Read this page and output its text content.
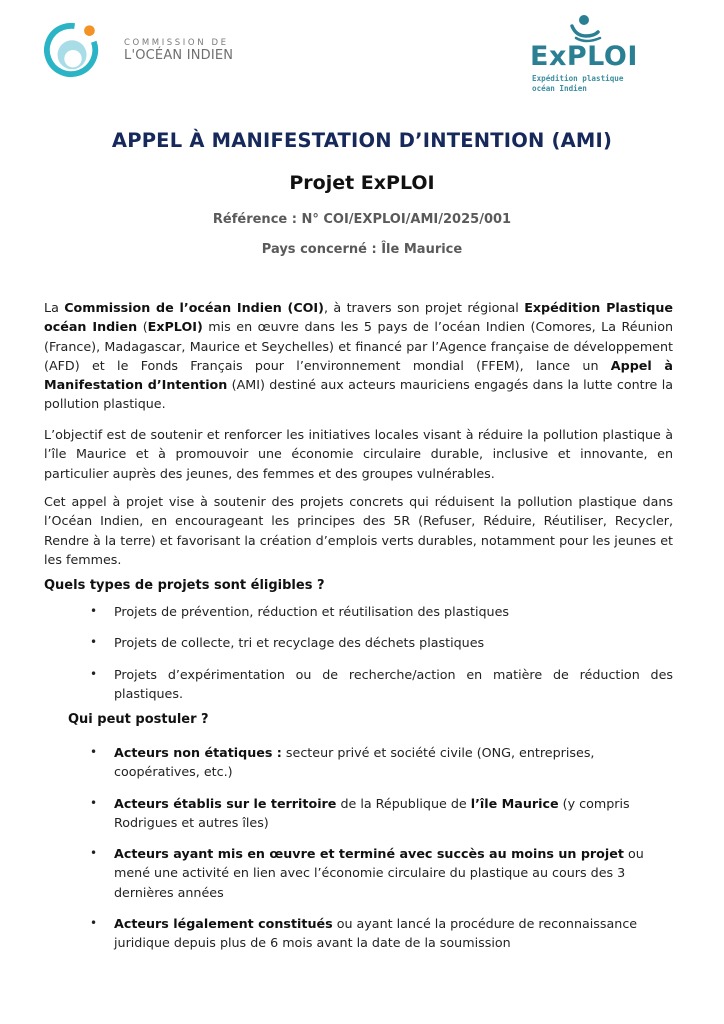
COMMISSION DE
L'OCÉAN INDIEN	ExPLOI
Expédition plastique
océan Indien
APPEL À MANIFESTATION D’INTENTION (AMI)
Projet ExPLOI
Référence : N° COI/EXPLOI/AMI/2025/001
Pays concerné : Île Maurice
La Commission de l’océan Indien (COI), à travers son projet régional Expédition Plastique océan Indien (ExPLOI) mis en œuvre dans les 5 pays de l’océan Indien (Comores, La Réunion (France), Madagascar, Maurice et Seychelles) et financé par l’Agence française de développement (AFD) et le Fonds Français pour l’environnement mondial (FFEM), lance un Appel à Manifestation d’Intention (AMI) destiné aux acteurs mauriciens engagés dans la lutte contre la pollution plastique.
L’objectif est de soutenir et renforcer les initiatives locales visant à réduire la pollution plastique à l’île Maurice et à promouvoir une économie circulaire durable, inclusive et innovante, en particulier auprès des jeunes, des femmes et des groupes vulnérables.
Cet appel à projet vise à soutenir des projets concrets qui réduisent la pollution plastique dans l’Océan Indien, en encourageant les principes des 5R (Refuser, Réduire, Réutiliser, Recycler, Rendre à la terre) et favorisant la création d’emplois verts durables, notamment pour les jeunes et les femmes.
Quels types de projets sont éligibles ?
• Projets de prévention, réduction et réutilisation des plastiques
• Projets de collecte, tri et recyclage des déchets plastiques
• Projets d’expérimentation ou de recherche/action en matière de réduction des plastiques.
Qui peut postuler ?
• Acteurs non étatiques : secteur privé et société civile (ONG, entreprises, coopératives, etc.)
• Acteurs établis sur le territoire de la République de l’île Maurice (y compris Rodrigues et autres îles)
• Acteurs ayant mis en œuvre et terminé avec succès au moins un projet ou mené une activité en lien avec l’économie circulaire du plastique au cours des 3 dernières années
• Acteurs légalement constitués ou ayant lancé la procédure de reconnaissance juridique depuis plus de 6 mois avant la date de la soumission
